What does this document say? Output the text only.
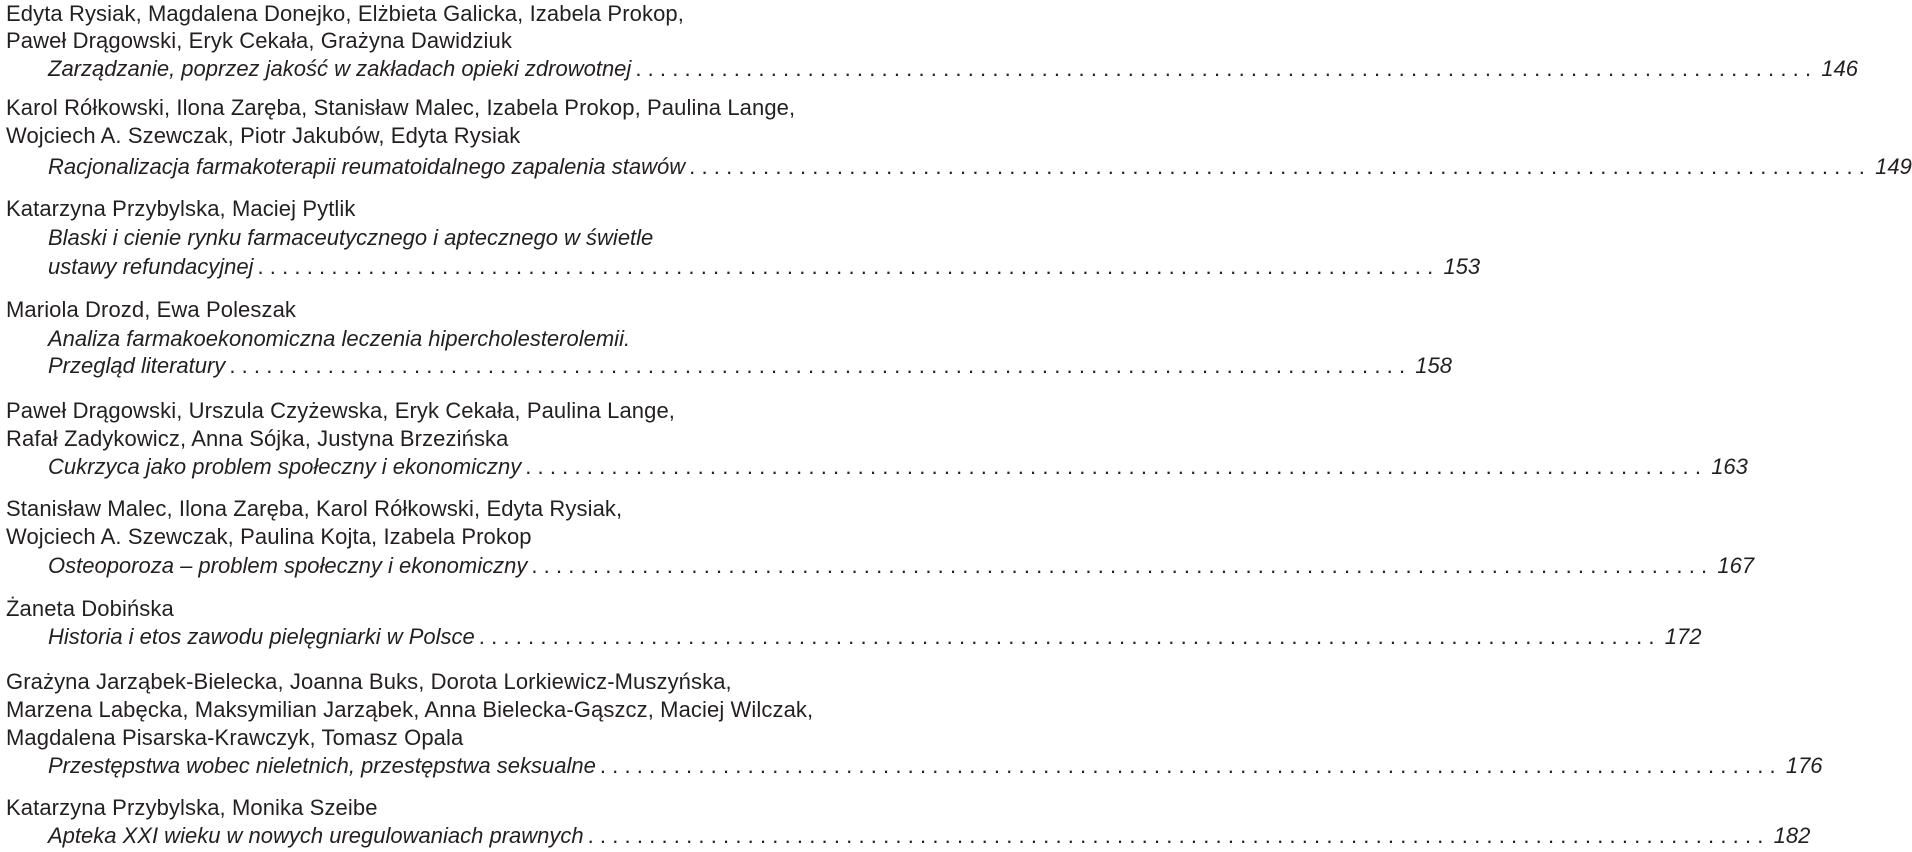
Edyta Rysiak, Magdalena Donejko, Elżbieta Galicka, Izabela Prokop,
Paweł Drągowski, Eryk Cekała, Grażyna Dawidziuk
Zarządzanie, poprzez jakość w zakładach opieki zdrowotnej ................................................................................................ 146
Karol Rółkowski, Ilona Zaręba, Stanisław Malec, Izabela Prokop, Paulina Lange,
Wojciech A. Szewczak, Piotr Jakubów, Edyta Rysiak
Racjonalizacja farmakoterapii reumatoidalnego zapalenia stawów ................................................................................................ 149
Katarzyna Przybylska, Maciej Pytlik
Blaski i cienie rynku farmaceutycznego i aptecznego w świetle
ustawy refundacyjnej ................................................................................................ 153
Mariola Drozd, Ewa Poleszak
Analiza farmakoekonomiczna leczenia hipercholesterolemii.
Przegląd literatury ................................................................................................ 158
Paweł Drągowski, Urszula Czyżewska, Eryk Cekała, Paulina Lange,
Rafał Zadykowicz, Anna Sójka, Justyna Brzezińska
Cukrzyca jako problem społeczny i ekonomiczny ................................................................................................ 163
Stanisław Malec, Ilona Zaręba, Karol Rółkowski, Edyta Rysiak,
Wojciech A. Szewczak, Paulina Kojta, Izabela Prokop
Osteoporoza – problem społeczny i ekonomiczny ................................................................................................ 167
Żaneta Dobińska
Historia i etos zawodu pielęgniarki w Polsce ................................................................................................ 172
Grażyna Jarząbek-Bielecka, Joanna Buks, Dorota Lorkiewicz-Muszyńska,
Marzena Labęcka, Maksymilian Jarząbek, Anna Bielecka-Gąszcz, Maciej Wilczak,
Magdalena Pisarska-Krawczyk, Tomasz Opala
Przestępstwa wobec nieletnich, przestępstwa seksualne ................................................................................................ 176
Katarzyna Przybylska, Monika Szeibe
Apteka XXI wieku w nowych uregulowaniach prawnych ................................................................................................ 182
